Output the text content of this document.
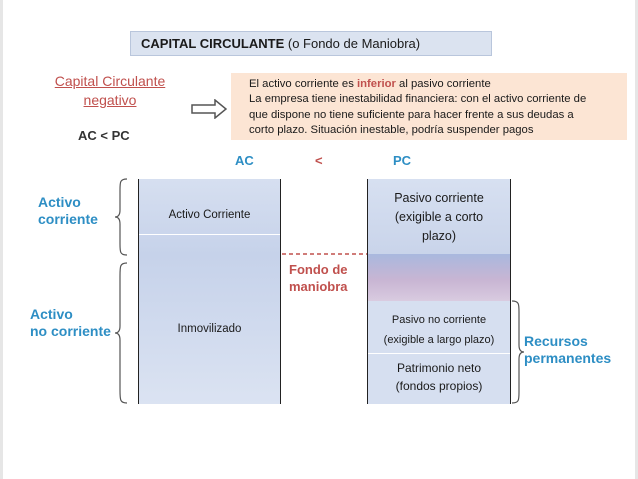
CAPITAL CIRCULANTE (o Fondo de Maniobra)
Capital Circulante
negativo
AC < PC
El activo corriente es inferior al pasivo corriente
La empresa tiene inestabilidad financiera: con el activo corriente de
que dispone no tiene suficiente para hacer frente a sus deudas a
corto plazo. Situación inestable, podría suspender pagos
AC	<	PC
Activo
corriente
Activo
no corriente
Activo Corriente
Inmovilizado
Fondo de
maniobra
Pasivo corriente
(exigible a corto
plazo)
Pasivo no corriente
(exigible a largo plazo)
Patrimonio neto
(fondos propios)
Recursos
permanentes
